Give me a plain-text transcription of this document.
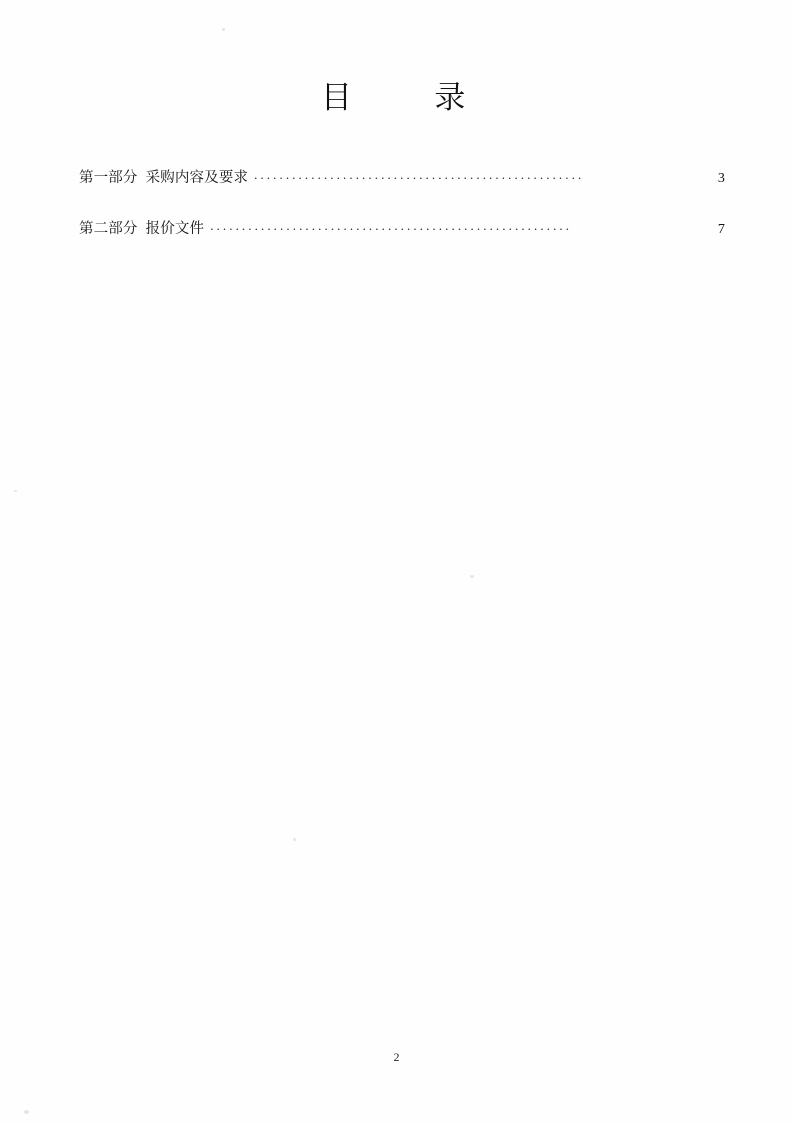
目　　录
第一部分 采购内容及要求 ....................................................	3
第二部分 报价文件 .........................................................	7
2
